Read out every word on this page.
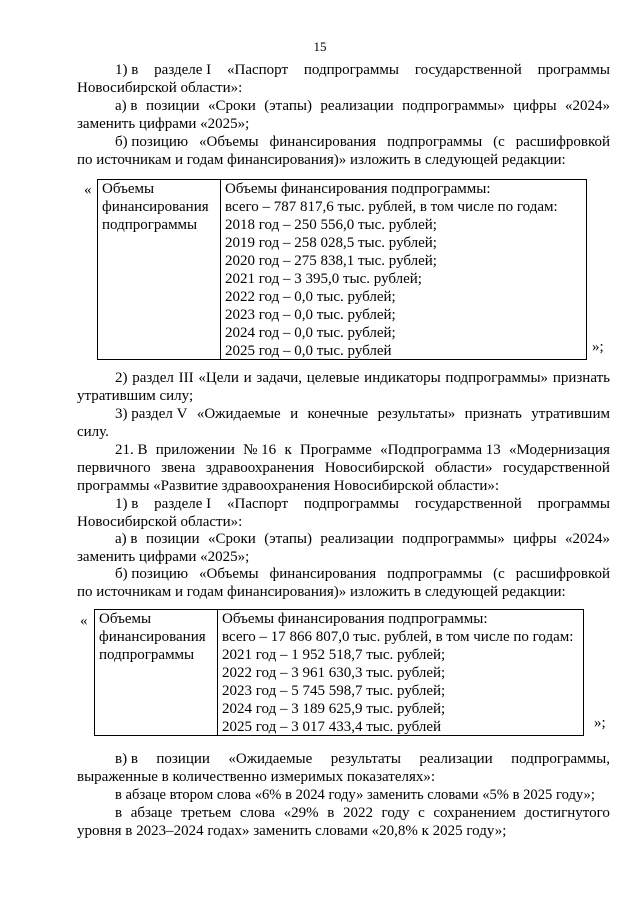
15
1) в разделе I «Паспорт подпрограммы государственной программы
Новосибирской области»:
а) в позиции «Сроки (этапы) реализации подпрограммы» цифры «2024»
заменить цифрами «2025»;
б) позицию «Объемы финансирования подпрограммы (с расшифровкой
по источникам и годам финансирования)» изложить в следующей редакции:
« Объемы
финансирования
подпрограммы

Объемы финансирования подпрограммы:
всего – 787 817,6 тыс. рублей, в том числе по годам:
2018 год – 250 556,0 тыс. рублей;
2019 год – 258 028,5 тыс. рублей;
2020 год – 275 838,1 тыс. рублей;
2021 год – 3 395,0 тыс. рублей;
2022 год – 0,0 тыс. рублей;
2023 год – 0,0 тыс. рублей;
2024 год – 0,0 тыс. рублей;
2025 год – 0,0 тыс. рублей	»;
2) раздел III «Цели и задачи, целевые индикаторы подпрограммы» признать
утратившим силу;
3) раздел V «Ожидаемые и конечные результаты» признать утратившим
силу.
21. В приложении № 16 к Программе «Подпрограмма 13 «Модернизация
первичного звена здравоохранения Новосибирской области» государственной
программы «Развитие здравоохранения Новосибирской области»:
1) в разделе I «Паспорт подпрограммы государственной программы
Новосибирской области»:
а) в позиции «Сроки (этапы) реализации подпрограммы» цифры «2024»
заменить цифрами «2025»;
б) позицию «Объемы финансирования подпрограммы (с расшифровкой
по источникам и годам финансирования)» изложить в следующей редакции:
« Объемы
финансирования
подпрограммы

Объемы финансирования подпрограммы:
всего – 17 866 807,0 тыс. рублей, в том числе по годам:
2021 год – 1 952 518,7 тыс. рублей;
2022 год – 3 961 630,3 тыс. рублей;
2023 год – 5 745 598,7 тыс. рублей;
2024 год – 3 189 625,9 тыс. рублей;
2025 год – 3 017 433,4 тыс. рублей	»;
в) в позиции «Ожидаемые результаты реализации подпрограммы,
выраженные в количественно измеримых показателях»:
в абзаце втором слова «6% в 2024 году» заменить словами «5% в 2025 году»;
в абзаце третьем слова «29% в 2022 году с сохранением достигнутого
уровня в 2023–2024 годах» заменить словами «20,8% к 2025 году»;
